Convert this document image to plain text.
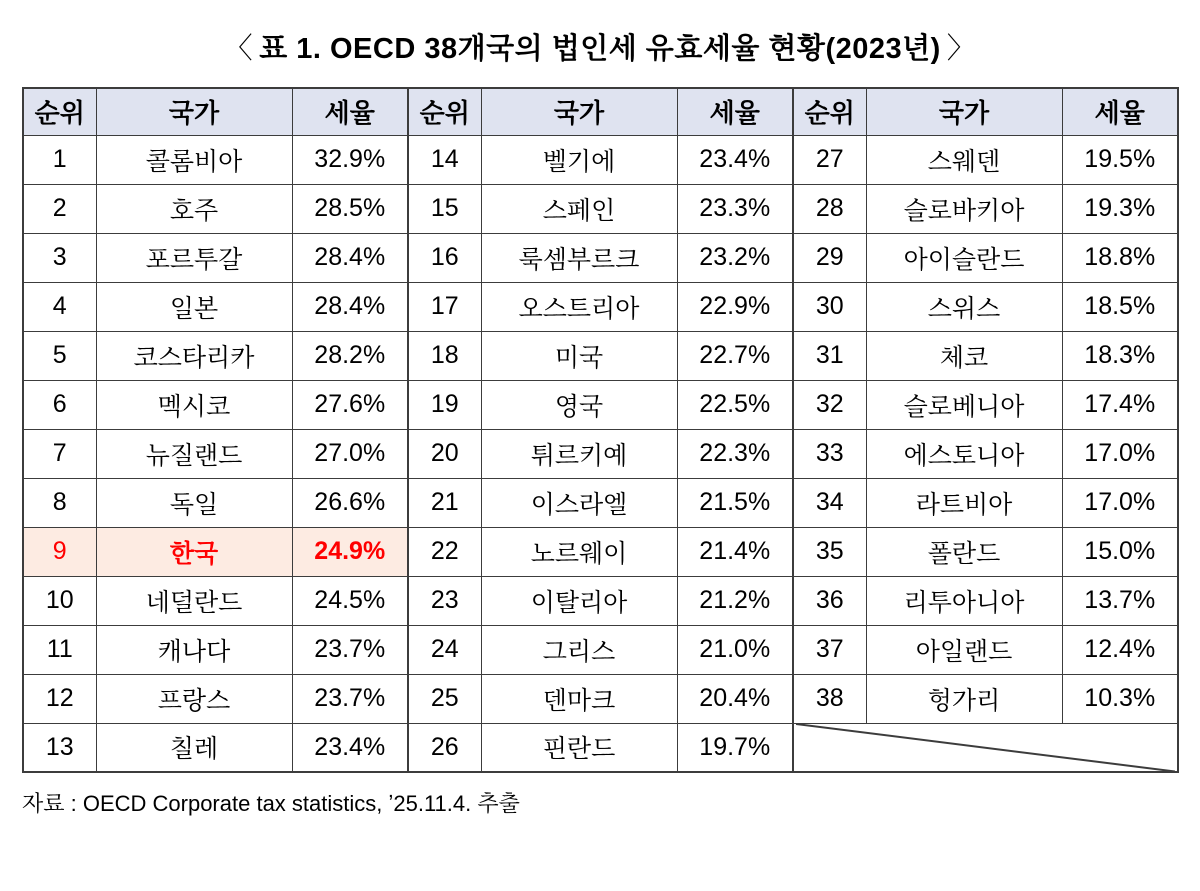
〈 표 1. OECD 38개국의 법인세 유효세율 현황(2023년) 〉
순위	국가	세율	순위	국가	세율	순위	국가	세율
1	콜롬비아	32.9%	14	벨기에	23.4%	27	스웨덴	19.5%
2	호주	28.5%	15	스페인	23.3%	28	슬로바키아	19.3%
3	포르투갈	28.4%	16	룩셈부르크	23.2%	29	아이슬란드	18.8%
4	일본	28.4%	17	오스트리아	22.9%	30	스위스	18.5%
5	코스타리카	28.2%	18	미국	22.7%	31	체코	18.3%
6	멕시코	27.6%	19	영국	22.5%	32	슬로베니아	17.4%
7	뉴질랜드	27.0%	20	튀르키예	22.3%	33	에스토니아	17.0%
8	독일	26.6%	21	이스라엘	21.5%	34	라트비아	17.0%
9	한국	24.9%	22	노르웨이	21.4%	35	폴란드	15.0%
10	네덜란드	24.5%	23	이탈리아	21.2%	36	리투아니아	13.7%
11	캐나다	23.7%	24	그리스	21.0%	37	아일랜드	12.4%
12	프랑스	23.7%	25	덴마크	20.4%	38	헝가리	10.3%
13	칠레	23.4%	26	핀란드	19.7%	
자료 : OECD Corporate tax statistics, ʼ25.11.4. 추출
